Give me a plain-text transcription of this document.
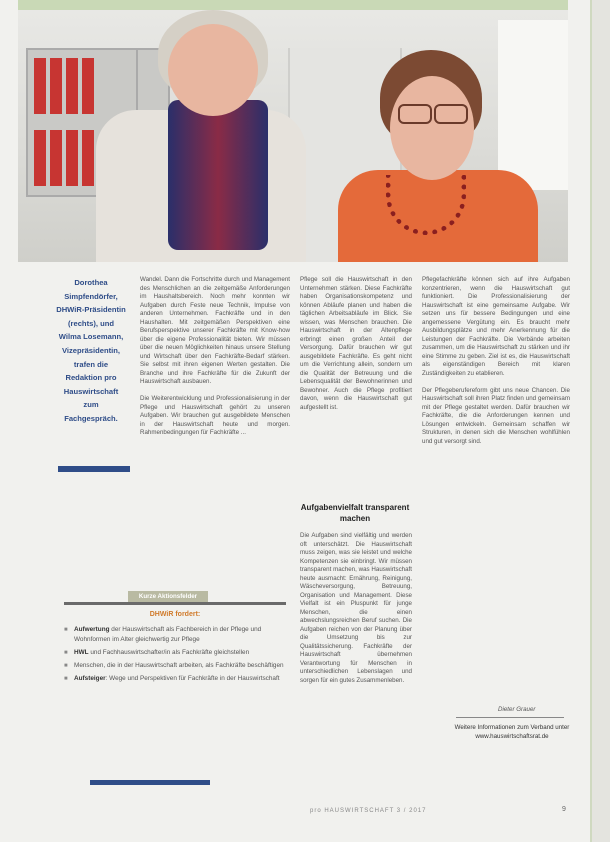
Dorothea Simpfendörfer, DHWiR-Präsidentin (rechts), und Wilma Losemann, Vizepräsidentin, trafen die Redaktion pro Hauswirtschaft zum Fachgespräch.

Wandel. Dann die Fortschritte durch und Management des Menschlichen an die zeitgemäße Anforderungen im Haushaltsbereich. Noch mehr konnten wir Aufgaben durch Feste neue Technik, Impulse von anderen Unternehmen. Fachkräfte und in den Haushalten. Mit zeitgemäßen Perspektiven eine Berufsperspektive unserer Fachkräfte mit Know-how über die eigene Professionalität bieten. Wir müssen über die neuen Möglichkeiten hinaus unsere Stellung und Wirtschaft über den Fachkräfte-Bedarf stärken. Sie selbst mit ihren eigenen Werten gestalten. Die Branche und ihre Fachkräfte für die Zukunft der Hauswirtschaft ausbauen.

Die Weiterentwicklung und Professionalisierung in der Pflege und Hauswirtschaft gehört zu unseren Aufgaben. Wir brauchen gut ausgebildete Menschen in der Hauswirtschaft heute und morgen. Rahmenbedingungen für Fachkräfte ...

Pflege soll die Hauswirtschaft in den Unternehmen stärken. Diese Fachkräfte haben Organisationskompetenz und können Abläufe planen und haben die täglichen Arbeitsabläufe im Blick. Sie wissen, was Menschen brauchen. Die Hauswirtschaft in der Altenpflege erbringt einen großen Anteil der Versorgung. Dafür brauchen wir gut ausgebildete Fachkräfte. Es geht nicht um die Verrichtung allein, sondern um die Qualität der Betreuung und die Lebensqualität der Bewohnerinnen und Bewohner. Auch die Pflege profitiert davon, wenn die Hauswirtschaft gut aufgestellt ist.

Aufgabenvielfalt transparent machen

Die Aufgaben sind vielfältig und werden oft unterschätzt. Die Hauswirtschaft muss zeigen, was sie leistet und welche Kompetenzen sie einbringt. Wir müssen transparent machen, was Hauswirtschaft heute ausmacht: Ernährung, Reinigung, Wäscheversorgung, Betreuung, Organisation und Management. Diese Vielfalt ist ein Pluspunkt für junge Menschen, die einen abwechslungsreichen Beruf suchen. Die Aufgaben reichen von der Planung über die Umsetzung bis zur Qualitätssicherung. Fachkräfte der Hauswirtschaft übernehmen Verantwortung für Menschen in unterschiedlichen Lebenslagen und sorgen für ein gutes Zusammenleben.

Pflegefachkräfte können sich auf ihre Aufgaben konzentrieren, wenn die Hauswirtschaft gut funktioniert. Die Professionalisierung der Hauswirtschaft ist eine gemeinsame Aufgabe. Wir setzen uns für bessere Bedingungen und eine angemessene Vergütung ein. Es braucht mehr Ausbildungsplätze und mehr Anerkennung für die Leistungen der Fachkräfte. Die Verbände arbeiten zusammen, um die Hauswirtschaft zu stärken und ihr eine Stimme zu geben. Ziel ist es, die Hauswirtschaft als eigenständigen Bereich mit klaren Zuständigkeiten zu etablieren.

Der Pflegeberufereform gibt uns neue Chancen. Die Hauswirtschaft soll ihren Platz finden und gemeinsam mit der Pflege gestaltet werden. Dafür brauchen wir Fachkräfte, die die Anforderungen kennen und Lösungen entwickeln. Gemeinsam schaffen wir Strukturen, in denen sich die Menschen wohlfühlen und gut versorgt sind.

Dieter Grauer
Kurze Aktionsfelder
DHWiR fordert:
■ Aufwertung der Hauswirtschaft als Fachbereich in der Pflege und Wohnformen im Alter gleichwertig zur Pflege
■ HWL und Fachhauswirtschafter/in als Fachkräfte gleichstellen
■ Menschen, die in der Hauswirtschaft arbeiten, als Fachkräfte beschäftigen
■ Aufsteiger: Wege und Perspektiven für Fachkräfte in der Hauswirtschaft
Weitere Informationen zum Verband unter www.hauswirtschaftsrat.de
pro HAUSWIRTSCHAFT 3 / 2017	9
